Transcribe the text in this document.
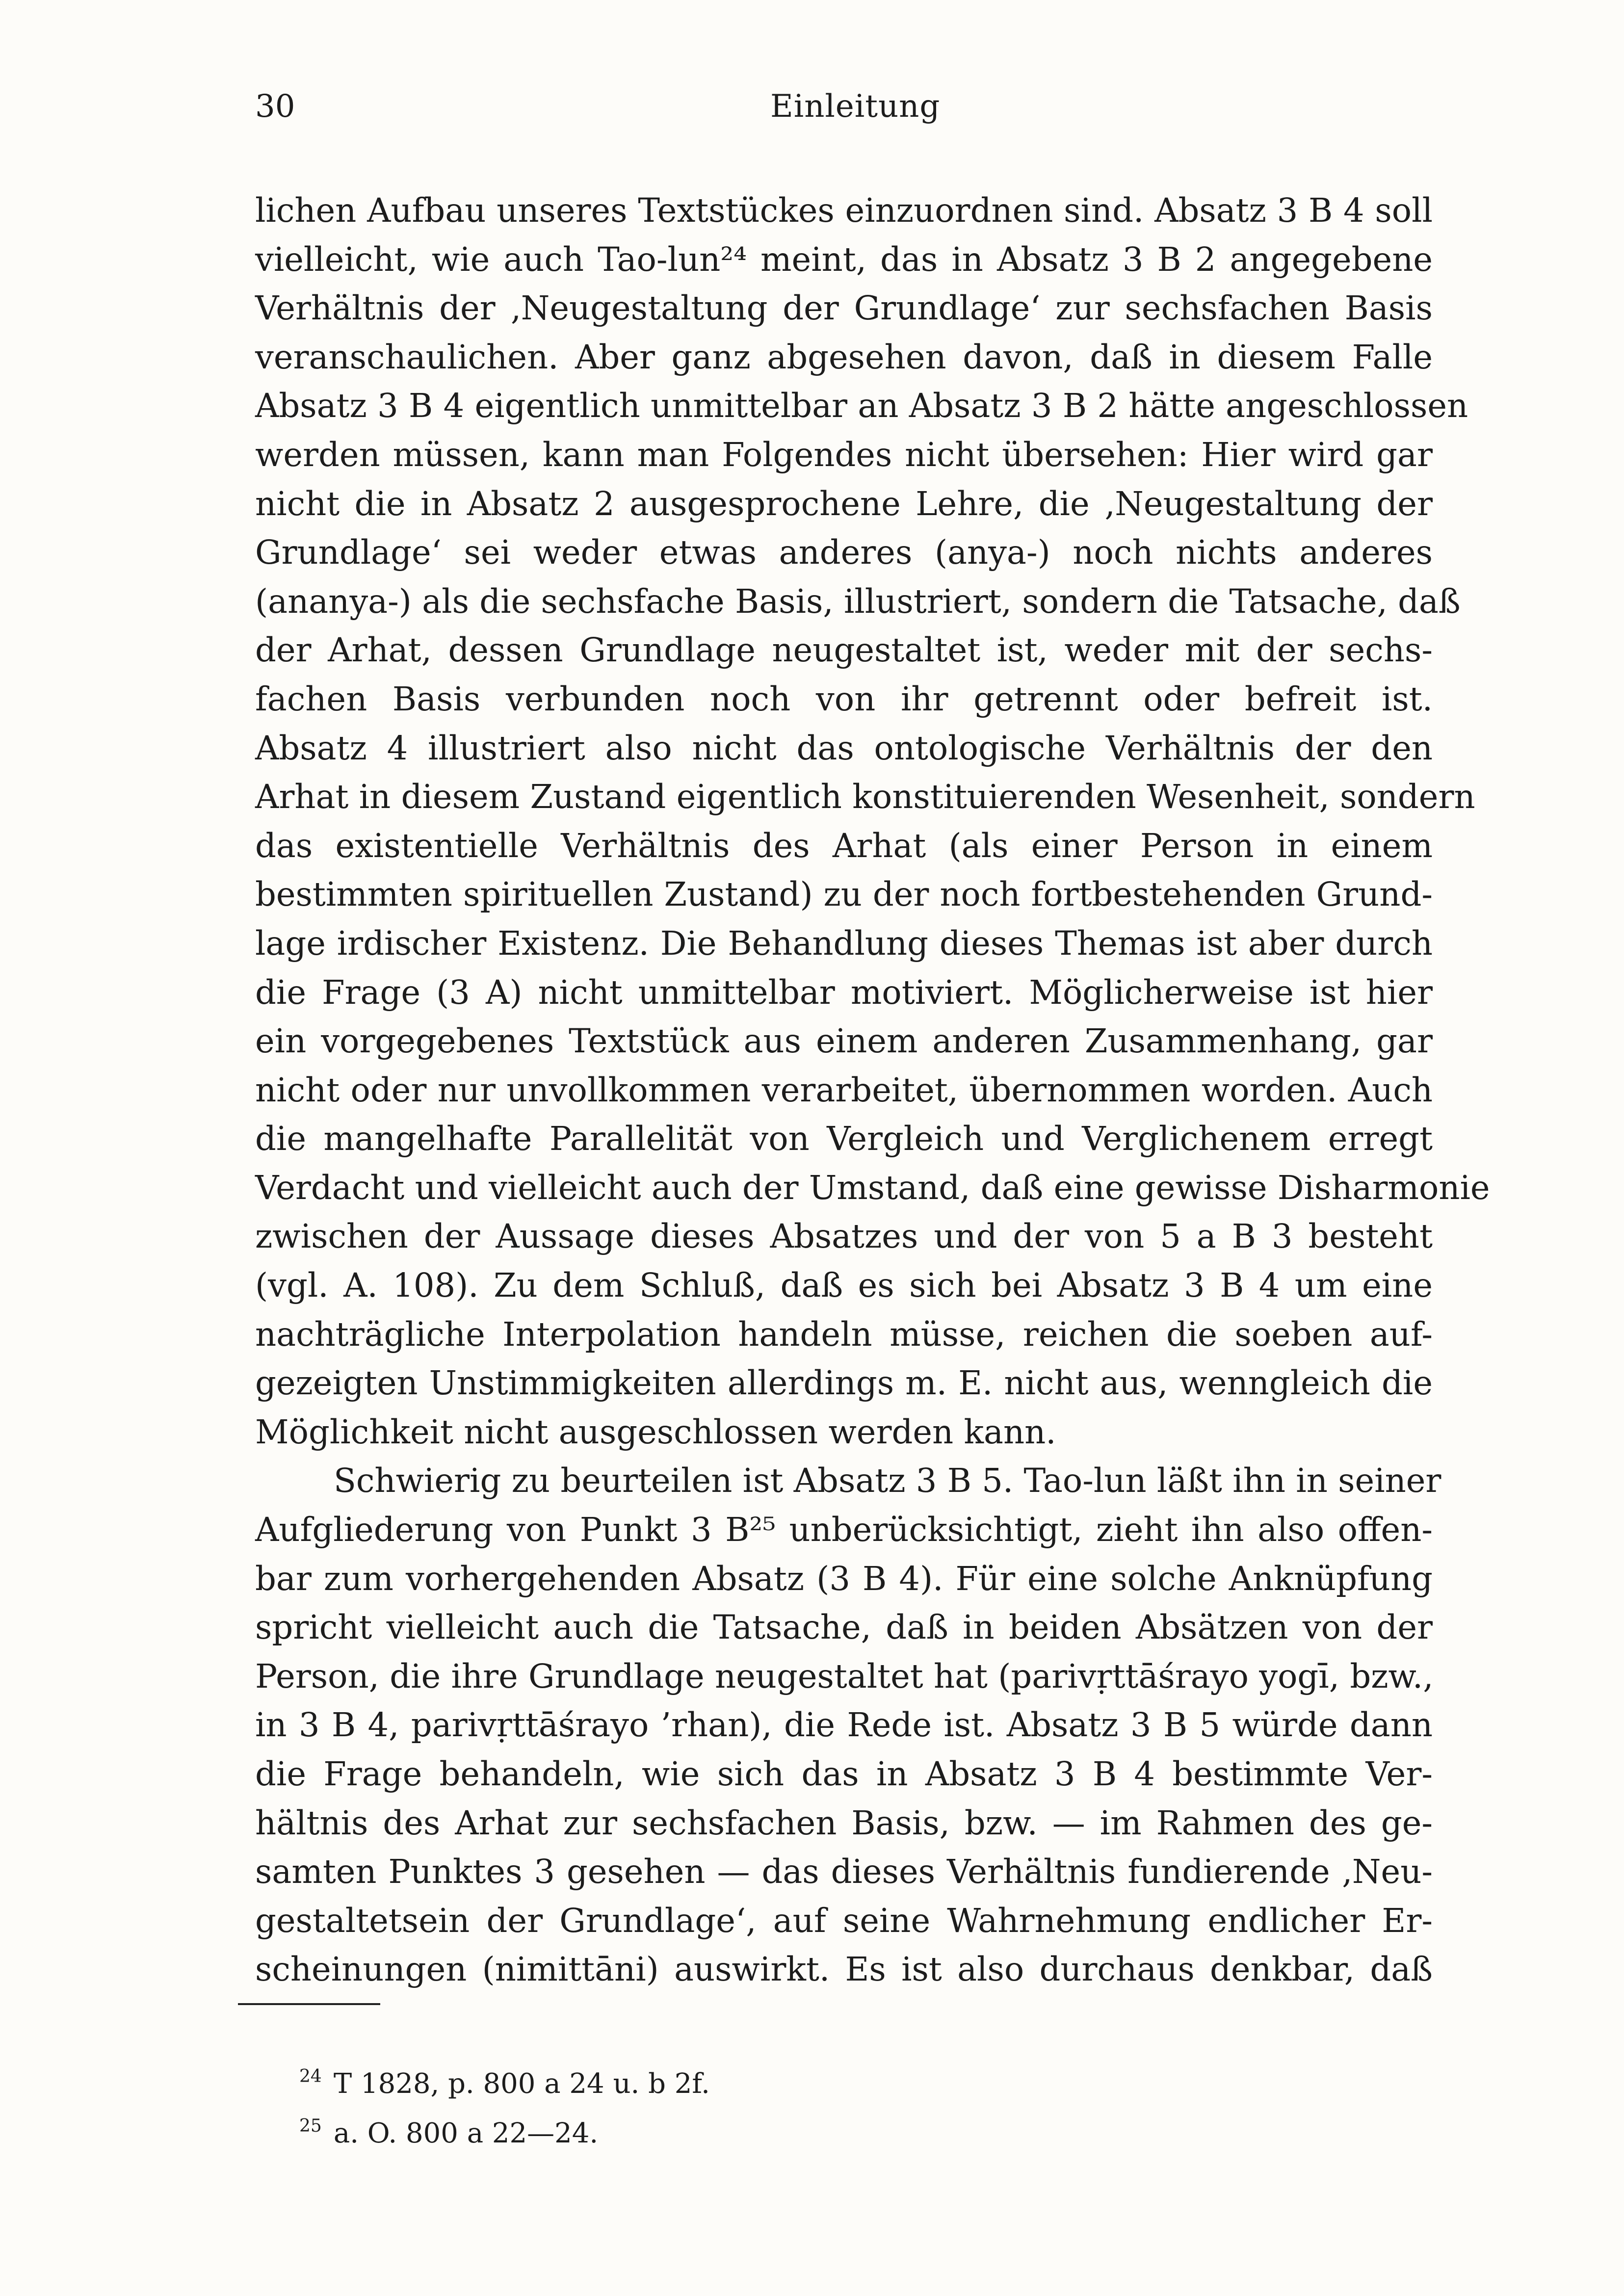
30	Einleitung
lichen Aufbau unseres Textstückes einzuordnen sind. Absatz 3 B 4 soll
vielleicht, wie auch Tao-lun²⁴ meint, das in Absatz 3 B 2 angegebene
Verhältnis der ‚Neugestaltung der Grundlage‘ zur sechsfachen Basis
veranschaulichen. Aber ganz abgesehen davon, daß in diesem Falle
Absatz 3 B 4 eigentlich unmittelbar an Absatz 3 B 2 hätte angeschlossen
werden müssen, kann man Folgendes nicht übersehen: Hier wird gar
nicht die in Absatz 2 ausgesprochene Lehre, die ‚Neugestaltung der
Grundlage‘ sei weder etwas anderes (anya-) noch nichts anderes
(ananya-) als die sechsfache Basis, illustriert, sondern die Tatsache, daß
der Arhat, dessen Grundlage neugestaltet ist, weder mit der sechs-
fachen Basis verbunden noch von ihr getrennt oder befreit ist.
Absatz 4 illustriert also nicht das ontologische Verhältnis der den
Arhat in diesem Zustand eigentlich konstituierenden Wesenheit, sondern
das existentielle Verhältnis des Arhat (als einer Person in einem
bestimmten spirituellen Zustand) zu der noch fortbestehenden Grund-
lage irdischer Existenz. Die Behandlung dieses Themas ist aber durch
die Frage (3 A) nicht unmittelbar motiviert. Möglicherweise ist hier
ein vorgegebenes Textstück aus einem anderen Zusammenhang, gar
nicht oder nur unvollkommen verarbeitet, übernommen worden. Auch
die mangelhafte Parallelität von Vergleich und Verglichenem erregt
Verdacht und vielleicht auch der Umstand, daß eine gewisse Disharmonie
zwischen der Aussage dieses Absatzes und der von 5 a B 3 besteht
(vgl. A. 108). Zu dem Schluß, daß es sich bei Absatz 3 B 4 um eine
nachträgliche Interpolation handeln müsse, reichen die soeben auf-
gezeigten Unstimmigkeiten allerdings m. E. nicht aus, wenngleich die
Möglichkeit nicht ausgeschlossen werden kann.
Schwierig zu beurteilen ist Absatz 3 B 5. Tao-lun läßt ihn in seiner
Aufgliederung von Punkt 3 B²⁵ unberücksichtigt, zieht ihn also offen-
bar zum vorhergehenden Absatz (3 B 4). Für eine solche Anknüpfung
spricht vielleicht auch die Tatsache, daß in beiden Absätzen von der
Person, die ihre Grundlage neugestaltet hat (parivṛttāśrayo yogī, bzw.,
in 3 B 4, parivṛttāśrayo ’rhan), die Rede ist. Absatz 3 B 5 würde dann
die Frage behandeln, wie sich das in Absatz 3 B 4 bestimmte Ver-
hältnis des Arhat zur sechsfachen Basis, bzw. — im Rahmen des ge-
samten Punktes 3 gesehen — das dieses Verhältnis fundierende ‚Neu-
gestaltetsein der Grundlage‘, auf seine Wahrnehmung endlicher Er-
scheinungen (nimittāni) auswirkt. Es ist also durchaus denkbar, daß
$^{24}$ T 1828, p. 800 a 24 u. b 2f.
$^{25}$ a. O. 800 a 22—24.
